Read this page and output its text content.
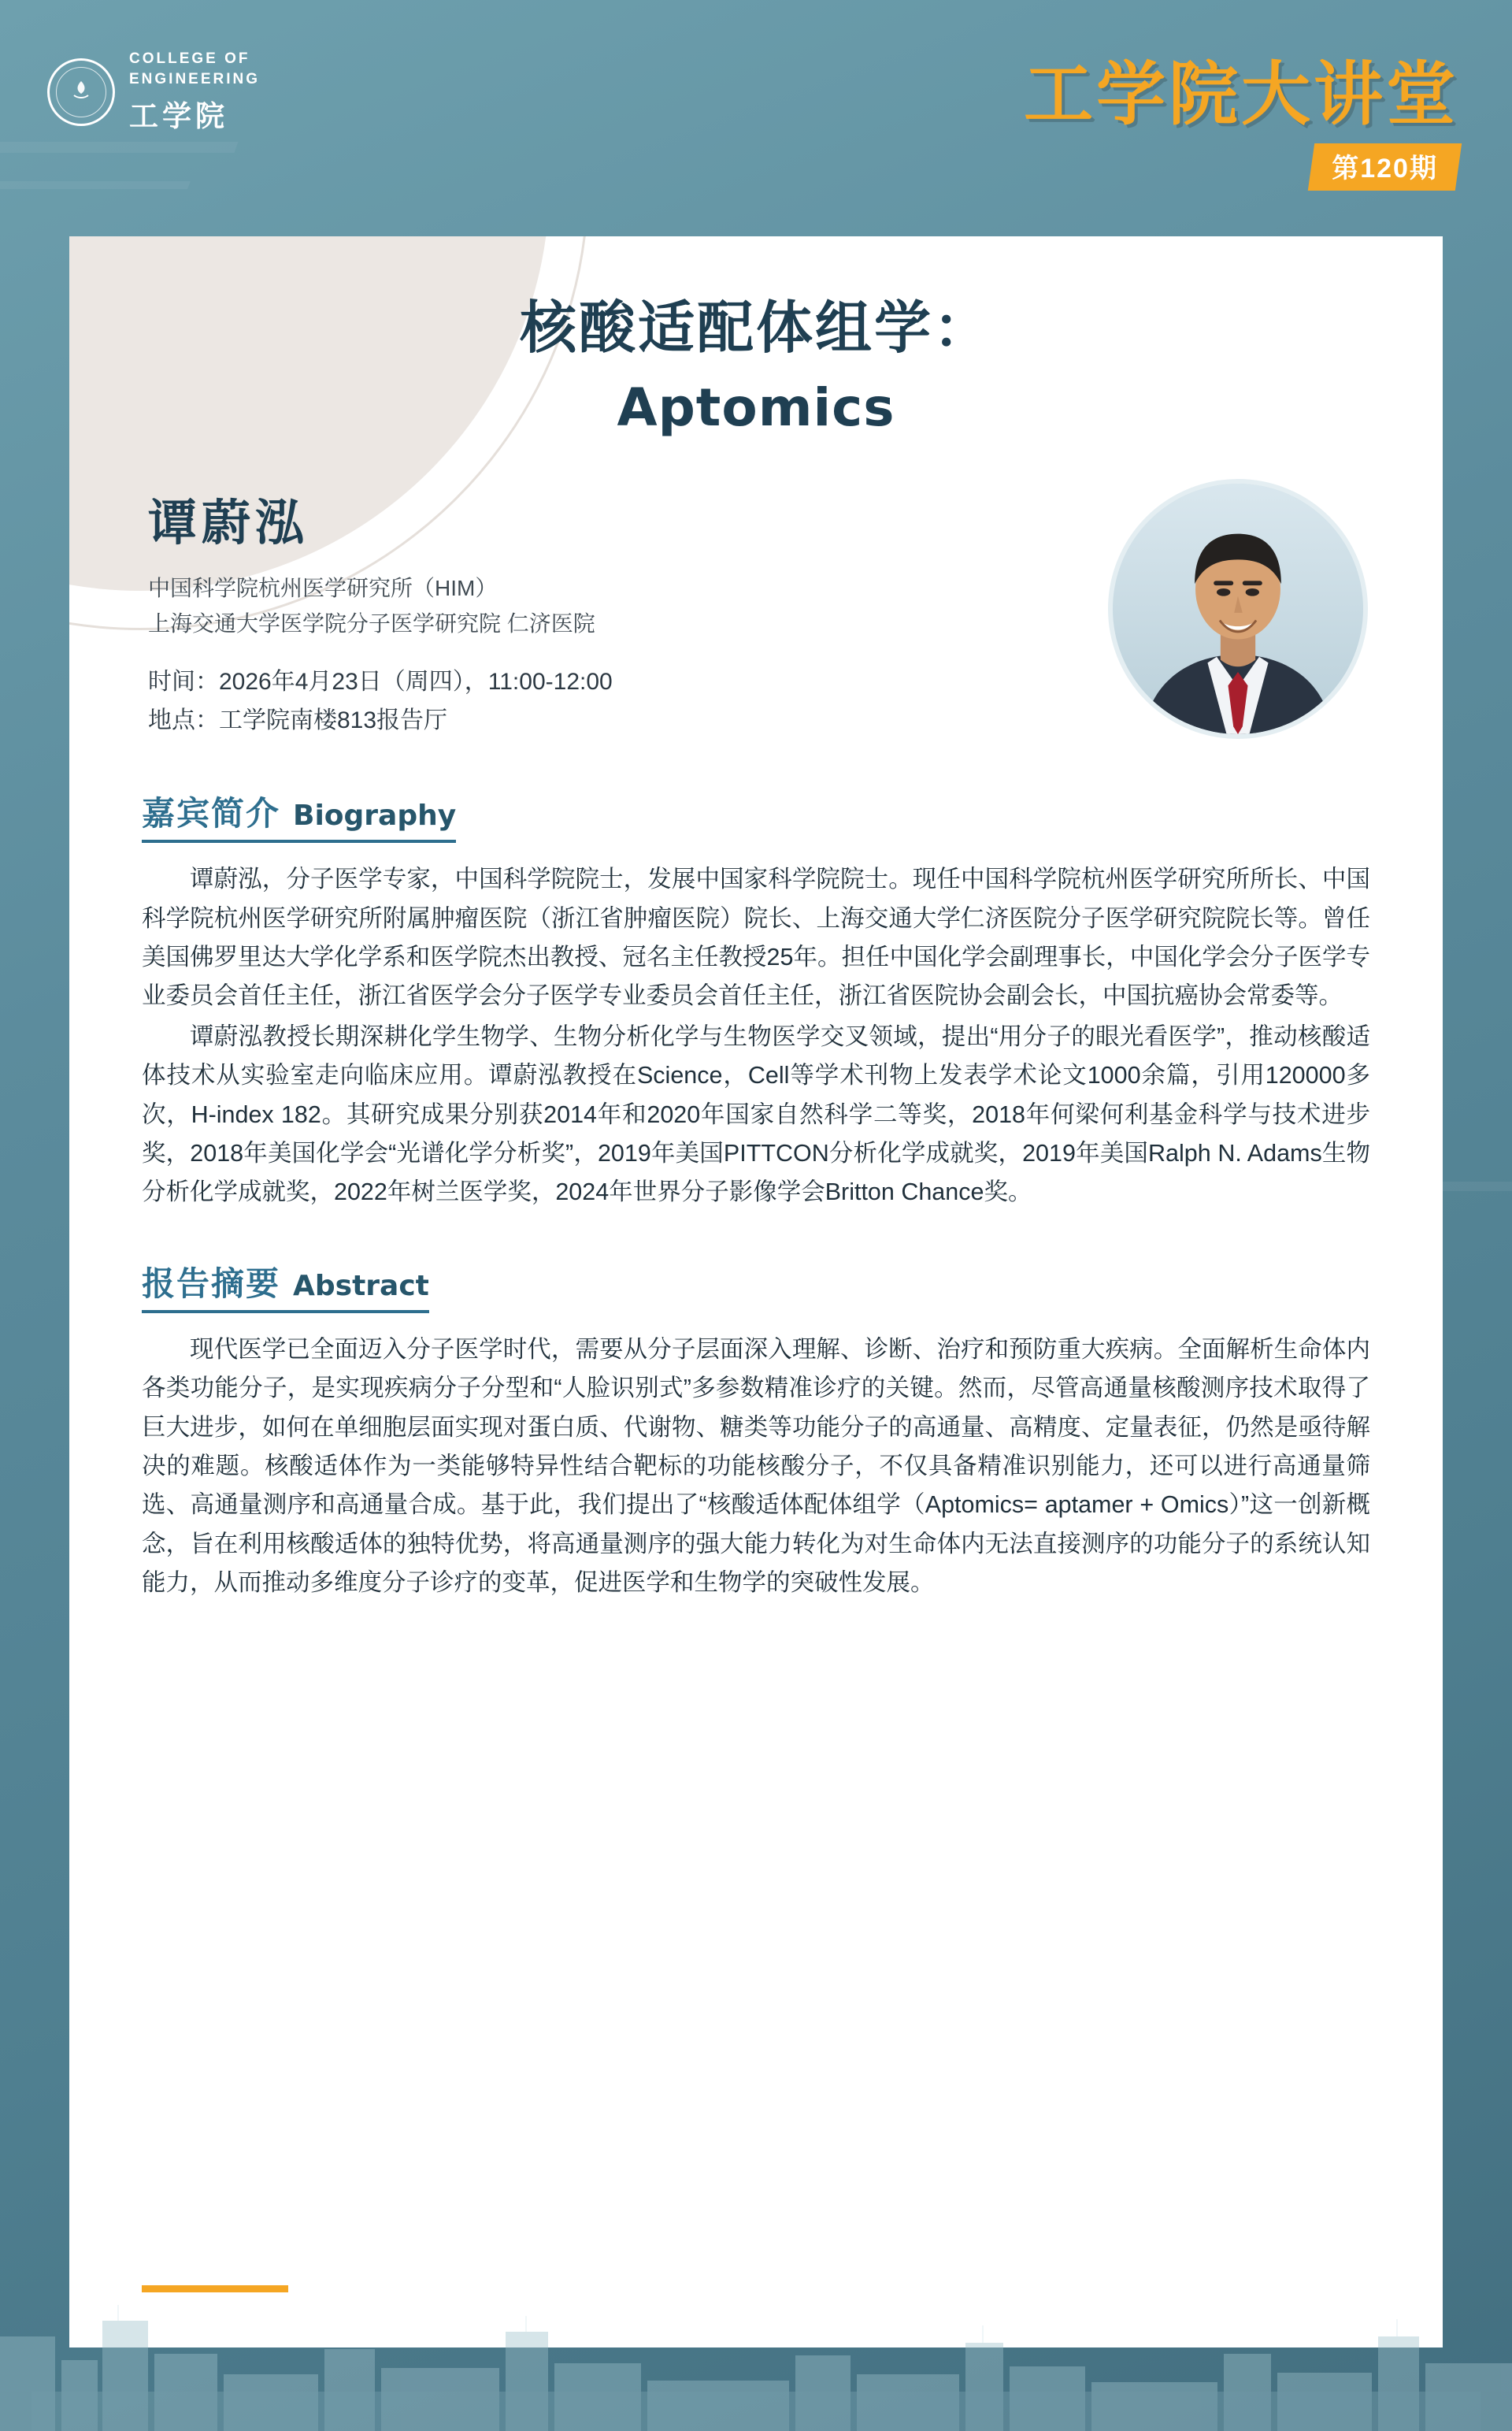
COLLEGE OF
ENGINEERING
工学院	工学院大讲堂
第120期
核酸适配体组学：
Aptomics
谭蔚泓
中国科学院杭州医学研究所（HIM）
上海交通大学医学院分子医学研究院 仁济医院
时间：2026年4月23日（周四），11:00-12:00
地点：工学院南楼813报告厅
嘉宾简介 Biography

谭蔚泓，分子医学专家，中国科学院院士，发展中国家科学院院士。现任中国科学院杭州医学研究所所长、中国科学院杭州医学研究所附属肿瘤医院（浙江省肿瘤医院）院长、上海交通大学仁济医院分子医学研究院院长等。曾任美国佛罗里达大学化学系和医学院杰出教授、冠名主任教授25年。担任中国化学会副理事长，中国化学会分子医学专业委员会首任主任，浙江省医学会分子医学专业委员会首任主任，浙江省医院协会副会长，中国抗癌协会常委等。

谭蔚泓教授长期深耕化学生物学、生物分析化学与生物医学交叉领域，提出“用分子的眼光看医学”，推动核酸适体技术从实验室走向临床应用。谭蔚泓教授在Science，Cell等学术刊物上发表学术论文1000余篇，引用120000多次，H-index 182。其研究成果分别获2014年和2020年国家自然科学二等奖，2018年何梁何利基金科学与技术进步奖，2018年美国化学会“光谱化学分析奖”，2019年美国PITTCON分析化学成就奖，2019年美国Ralph N. Adams生物分析化学成就奖，2022年树兰医学奖，2024年世界分子影像学会Britton Chance奖。

报告摘要 Abstract

现代医学已全面迈入分子医学时代，需要从分子层面深入理解、诊断、治疗和预防重大疾病。全面解析生命体内各类功能分子，是实现疾病分子分型和“人脸识别式”多参数精准诊疗的关键。然而，尽管高通量核酸测序技术取得了巨大进步，如何在单细胞层面实现对蛋白质、代谢物、糖类等功能分子的高通量、高精度、定量表征，仍然是亟待解决的难题。核酸适体作为一类能够特异性结合靶标的功能核酸分子，不仅具备精准识别能力，还可以进行高通量筛选、高通量测序和高通量合成。基于此，我们提出了“核酸适体配体组学（Aptomics= aptamer + Omics）”这一创新概念，旨在利用核酸适体的独特优势，将高通量测序的强大能力转化为对生命体内无法直接测序的功能分子的系统认知能力，从而推动多维度分子诊疗的变革，促进医学和生物学的突破性发展。
